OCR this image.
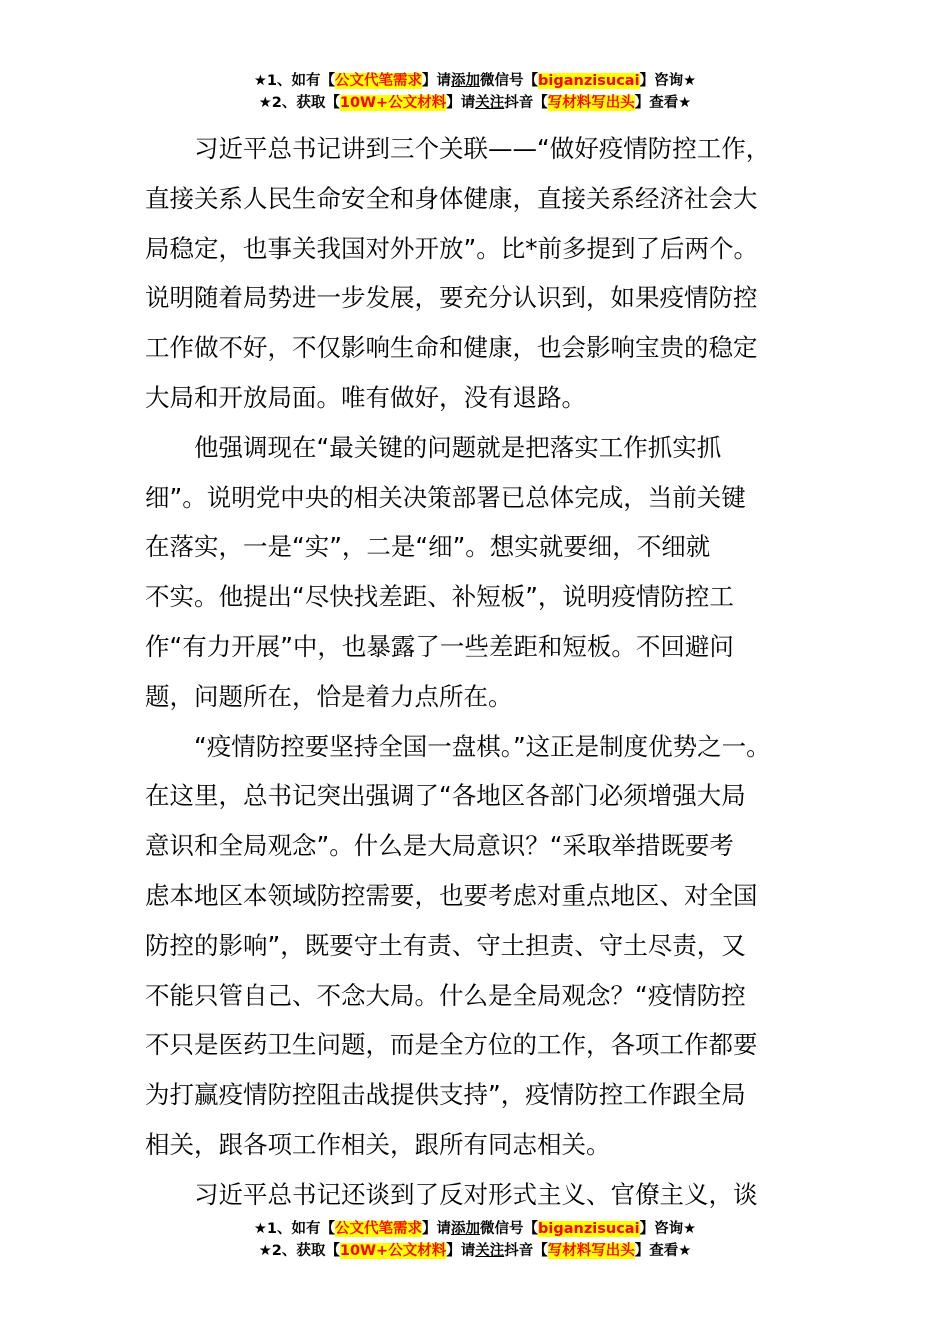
★1、如有【公文代笔需求】请添加微信号【biganzisucai】咨询★
★2、获取【10W+公文材料】请关注抖音【写材料写出头】查看★

习近平总书记讲到三个关联——“做好疫情防控工作，
直接关系人民生命安全和身体健康，直接关系经济社会大
局稳定，也事关我国对外开放”。比*前多提到了后两个。
说明随着局势进一步发展，要充分认识到，如果疫情防控
工作做不好，不仅影响生命和健康，也会影响宝贵的稳定
大局和开放局面。唯有做好，没有退路。

他强调现在“最关键的问题就是把落实工作抓实抓
细”。说明党中央的相关决策部署已总体完成，当前关键
在落实，一是“实”，二是“细”。想实就要细，不细就
不实。他提出“尽快找差距、补短板”，说明疫情防控工
作“有力开展”中，也暴露了一些差距和短板。不回避问
题，问题所在，恰是着力点所在。

“疫情防控要坚持全国一盘棋。”这正是制度优势之一。
在这里，总书记突出强调了“各地区各部门必须增强大局
意识和全局观念”。什么是大局意识？“采取举措既要考
虑本地区本领域防控需要，也要考虑对重点地区、对全国
防控的影响”，既要守土有责、守土担责、守土尽责，又
不能只管自己、不念大局。什么是全局观念？“疫情防控
不只是医药卫生问题，而是全方位的工作，各项工作都要
为打赢疫情防控阻击战提供支持”，疫情防控工作跟全局
相关，跟各项工作相关，跟所有同志相关。

习近平总书记还谈到了反对形式主义、官僚主义，谈

★1、如有【公文代笔需求】请添加微信号【biganzisucai】咨询★
★2、获取【10W+公文材料】请关注抖音【写材料写出头】查看★
